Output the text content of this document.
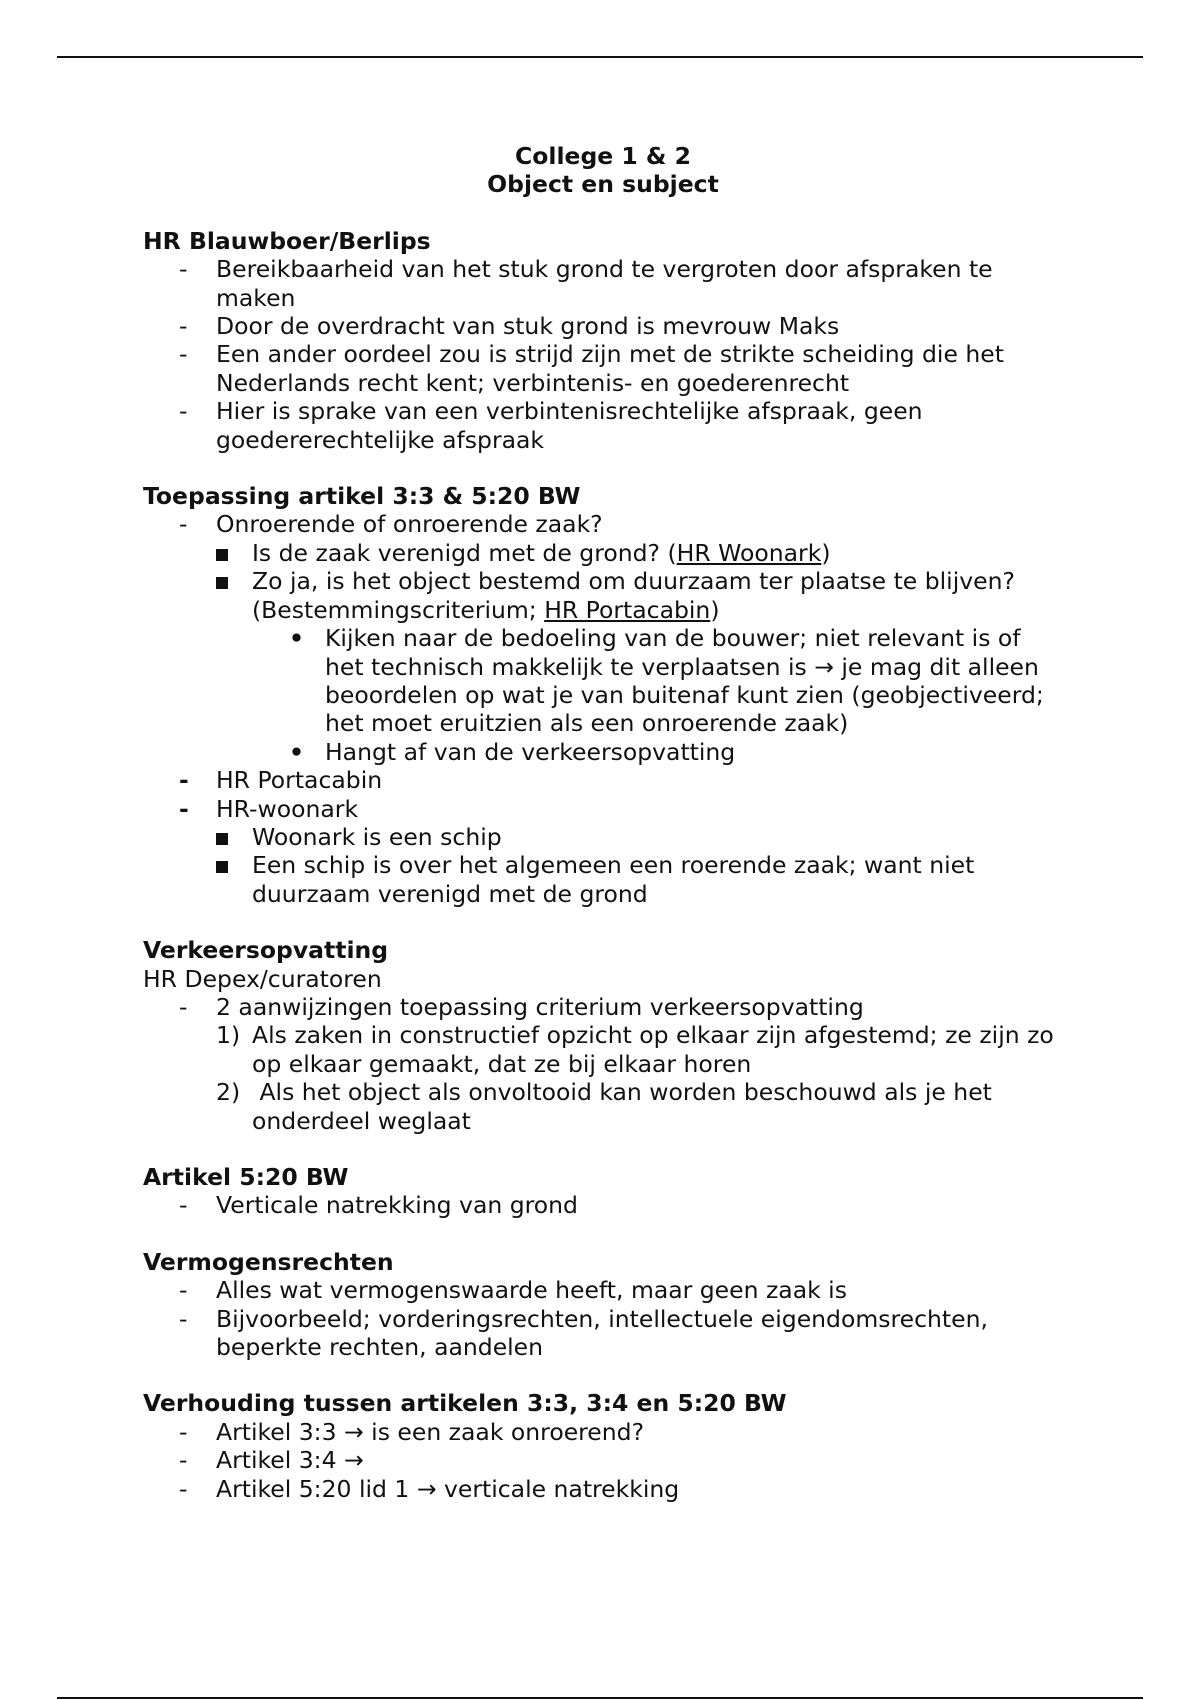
College 1 & 2
Object en subject
HR Blauwboer/Berlips
- Bereikbaarheid van het stuk grond te vergroten door afspraken te maken
- Door de overdracht van stuk grond is mevrouw Maks
- Een ander oordeel zou is strijd zijn met de strikte scheiding die het Nederlands recht kent; verbintenis- en goederenrecht
- Hier is sprake van een verbintenisrechtelijke afspraak, geen goedererechtelijke afspraak
Toepassing artikel 3:3 & 5:20 BW
- Onroerende of onroerende zaak?
Is de zaak verenigd met de grond? (HR Woonark)
Zo ja, is het object bestemd om duurzaam ter plaatse te blijven? (Bestemmingscriterium; HR Portacabin)
• Kijken naar de bedoeling van de bouwer; niet relevant is of het technisch makkelijk te verplaatsen is → je mag dit alleen beoordelen op wat je van buitenaf kunt zien (geobjectiveerd; het moet eruitzien als een onroerende zaak)
• Hangt af van de verkeersopvatting
- HR Portacabin
- HR-woonark
Woonark is een schip
Een schip is over het algemeen een roerende zaak; want niet duurzaam verenigd met de grond
Verkeersopvatting
HR Depex/curatoren
- 2 aanwijzingen toepassing criterium verkeersopvatting
1) Als zaken in constructief opzicht op elkaar zijn afgestemd; ze zijn zo op elkaar gemaakt, dat ze bij elkaar horen
2) Als het object als onvoltooid kan worden beschouwd als je het onderdeel weglaat
Artikel 5:20 BW
- Verticale natrekking van grond
Vermogensrechten
- Alles wat vermogenswaarde heeft, maar geen zaak is
- Bijvoorbeeld; vorderingsrechten, intellectuele eigendomsrechten, beperkte rechten, aandelen
Verhouding tussen artikelen 3:3, 3:4 en 5:20 BW
- Artikel 3:3 → is een zaak onroerend?
- Artikel 3:4 →
- Artikel 5:20 lid 1 → verticale natrekking
